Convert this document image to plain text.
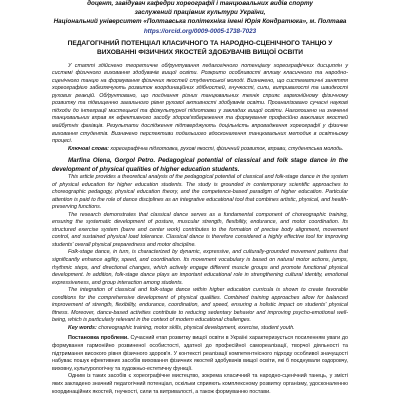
доцент, завідувач кафедри хореографії і танцювальних видів спорту
заслужений працівник культури України,
Національний університет «Полтавська політехніка імені Юрія Кондратюка», м. Полтава
https://orcid.org/0009-0005-1738-7023
ПЕДАГОГІЧНИЙ ПОТЕНЦІАЛ КЛАСИЧНОГО ТА НАРОДНО-СЦЕНІЧНОГО ТАНЦЮ У ВИХОВАННІ ФІЗИЧНИХ ЯКОСТЕЙ ЗДОБУВАЧІВ ВИЩОЇ ОСВІТИ

У статті здійснено теоретичне обґрунтування педагогічного потенціалу хореографічних дисциплін у системі фізичного виховання здобувачів вищої освіти. Розкрито особливості впливу класичного та народно-сценічного танцю на формування фізичних якостей студентської молоді. Визначено, що систематичні заняття хореографією забезпечують розвиток координаційних здібностей, гнучкості, сили, витривалості та швидкості рухових реакцій. Обґрунтовано, що поєднання різних танцювальних технік сприяє гармонійному фізичному розвитку та підвищенню загального рівня рухової активності здобувачів освіти. Проаналізовано сучасні наукові підходи до інтеграції мистецької та фізкультурної підготовки у закладах вищої освіти. Наголошено на значенні танцювальних вправ як ефективного засобу здоров'язбереження та формування професійно важливих якостей майбутніх фахівців. Результати дослідження підтверджують доцільність впровадження хореографії у фізичне виховання студентів. Визначено перспективи подальшого вдосконалення танцювальних методик в освітньому процесі.

Ключові слова: хореографічна підготовка, рухові якості, фізичний розвиток, вправи, студентська молодь.

Marfina Olena, Gorgol Petro. Pedagogical potential of classical and folk stage dance in the development of physical qualities of higher education students.

This article provides a theoretical analysis of the pedagogical potential of classical and folk-stage dance in the system of physical education for higher education students. The study is grounded in contemporary scientific approaches to choreographic pedagogy, physical education theory, and the competence-based paradigm of higher education. Particular attention is paid to the role of dance disciplines as an integrative educational tool that combines artistic, physical, and health-preserving functions.

The research demonstrates that classical dance serves as a fundamental component of choreographic training, ensuring the systematic development of posture, muscular strength, flexibility, endurance, and motor coordination. Its structured exercise system (barre and center work) contributes to the formation of precise body alignment, movement control, and sustained physical load tolerance. Classical dance is therefore considered a highly effective tool for improving students' overall physical preparedness and motor discipline.

Folk-stage dance, in turn, is characterized by dynamic, expressive, and culturally-grounded movement patterns that significantly enhance agility, speed, and coordination. Its movement vocabulary is based on natural motor actions, jumps, rhythmic steps, and directional changes, which actively engage different muscle groups and promote functional physical development. In addition, folk-stage dance plays an important educational role in strengthening cultural identity, emotional expressiveness, and group interaction among students.

The integration of classical and folk-stage dance within higher education curricula is shown to create favorable conditions for the comprehensive development of physical qualities. Combined training approaches allow for balanced improvement of strength, flexibility, endurance, coordination, and speed, ensuring a holistic impact on students' physical fitness. Moreover, dance-based activities contribute to reducing sedentary behavior and improving psycho-emotional well-being, which is particularly relevant in the context of modern educational challenges.

Key words: choreographic training, motor skills, physical development, exercise, student youth.

Постановка проблеми. Сучасний етап розвитку вищої освіти в Україні характеризується посиленням уваги до формування гармонійно розвиненої особистості, здатної до професійної самореалізації, творчої діяльності та підтримання високого рівня фізичного здоров'я. У контексті реалізації компетентнісного підходу особливої значущості набуває пошук ефективних засобів виховання фізичних якостей здобувачів вищої освіти, які б поєднували оздоровчу, виховну, культурологічну та художньо-естетичну функції.

Одним із таких засобів є хореографічне мистецтво, зокрема класичний та народно-сценічний танець, у змісті яких закладено значний педагогічний потенціал, оскільки сприяють комплексному розвитку організму, удосконаленню координаційних якостей, гнучкості, сили та витривалості, а також формуванню постави.
